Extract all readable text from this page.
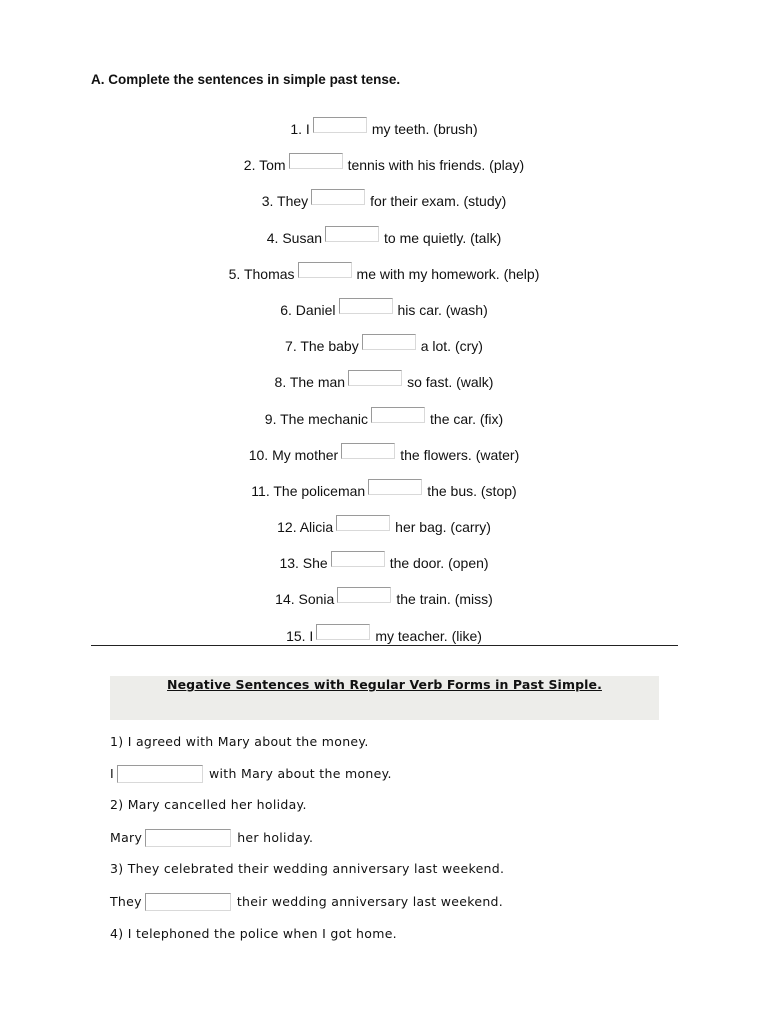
A. Complete the sentences in simple past tense.
1. I	my teeth. (brush)
2. Tom	tennis with his friends. (play)
3. They	for their exam. (study)
4. Susan	to me quietly. (talk)
5. Thomas	me with my homework. (help)
6. Daniel	his car. (wash)
7. The baby	a lot. (cry)
8. The man	so fast. (walk)
9. The mechanic	the car. (fix)
10. My mother	the flowers. (water)
11. The policeman	the bus. (stop)
12. Alicia	her bag. (carry)
13. She	the door. (open)
14. Sonia	the train. (miss)
15. I	my teacher. (like)
Negative Sentences with Regular Verb Forms in Past Simple.
1) I agreed with Mary about the money.
I	with Mary about the money.
2) Mary cancelled her holiday.
Mary	her holiday.
3) They celebrated their wedding anniversary last weekend.
They	their wedding anniversary last weekend.
4) I telephoned the police when I got home.
